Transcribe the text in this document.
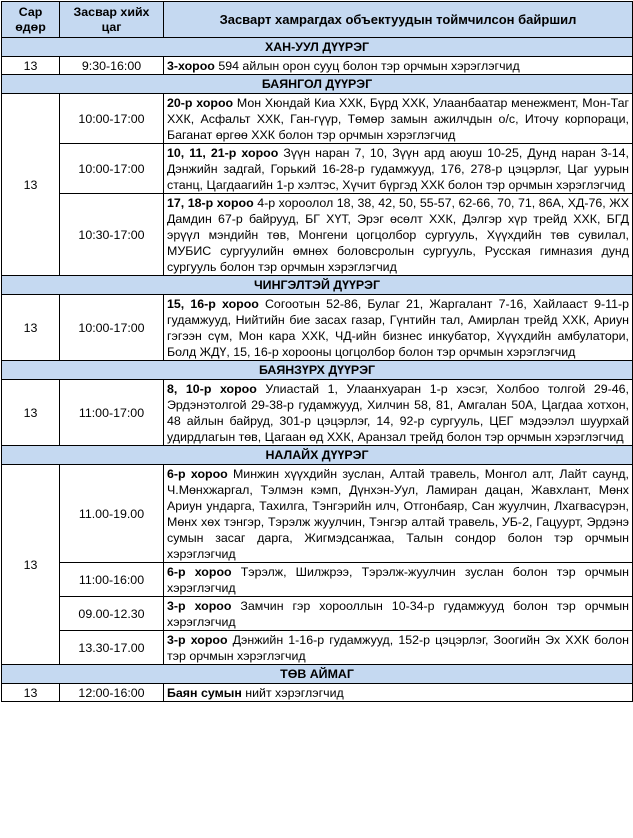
Сар өдөр	Засвар хийх цаг	Засварт хамрагдах объектуудын тоймчилсон байршил
ХАН-УУЛ ДҮҮРЭГ		
13	9:30-16:00	3-хороо 594 айлын орон сууц болон тэр орчмын хэрэглэгчид
БАЯНГОЛ ДҮҮРЭГ		
13	10:00-17:00	20-р хороо Мон Хюндай Киа ХХК, Бүрд ХХК, Улаанбаатар менежмент, Мон-Таг ХХК, Асфальт ХХК, Ган-гүүр, Төмөр замын ажилчдын о/с, Иточу корпораци, Баганат өргөө ХХК болон тэр орчмын хэрэглэгчид
	10:00-17:00	10, 11, 21-р хороо Зүүн наран 7, 10, Зүүн ард аюуш 10-25, Дунд наран 3-14, Дэнжийн задгай, Горький 16-28-р гудамжууд, 176, 278-р цэцэрлэг, Цаг уурын станц, Цагдаагийн 1-р хэлтэс, Хүчит бүргэд ХХК болон тэр орчмын хэрэглэгчид
	10:30-17:00	17, 18-р хороо 4-р хороолол 18, 38, 42, 50, 55-57, 62-66, 70, 71, 86А, ХД-76, ЖХ Дамдин 67-р байрууд, БГ ХҮТ, Эрэг өсөлт ХХК, Дэлгэр хүр трейд ХХК, БГД эрүүл мэндийн төв, Монгени цогцолбор сургууль, Хүүхдийн төв сувилал, МУБИС сургуулийн өмнөх боловсролын сургууль, Русская гимназия дунд сургууль болон тэр орчмын хэрэглэгчид
ЧИНГЭЛТЭЙ ДҮҮРЭГ		
13	10:00-17:00	15, 16-р хороо Согоотын 52-86, Булаг 21, Жаргалант 7-16, Хайлааст 9-11-р гудамжууд, Нийтийн бие засах газар, Гүнтийн тал, Амирлан трейд ХХК, Ариун гэгээн сүм, Мон кара ХХК, ЧД-ийн бизнес инкубатор, Хүүхдийн амбулатори, Болд ЖДҮ, 15, 16-р хорооны цогцолбор болон тэр орчмын хэрэглэгчид
БАЯНЗҮРХ ДҮҮРЭГ		
13	11:00-17:00	8, 10-р хороо Улиастай 1, Улаанхуаран 1-р хэсэг, Холбоо толгой 29-46, Эрдэнэтолгой 29-38-р гудамжууд, Хилчин 58, 81, Амгалан 50А, Цагдаа хотхон, 48 айлын байруд, 301-р цэцэрлэг, 14, 92-р сургууль, ЦЕГ мэдээлэл шуурхай удирдлагын төв, Цагаан өд ХХК, Аранзал трейд болон тэр орчмын хэрэглэгчид
НАЛАЙХ ДҮҮРЭГ		
13	11.00-19.00	6-р хороо Минжин хүүхдийн зуслан, Алтай травель, Монгол алт, Лайт саунд, Ч.Мөнхжаргал, Тэлмэн кэмп, Дүнхэн-Уул, Ламиран дацан, Жавхлант, Мөнх Ариун ундарга, Тахилга, Тэнгэрийн илч, Отгонбаяр, Сан жуулчин, Лхагвасүрэн, Мөнх хөх тэнгэр, Тэрэлж жуулчин, Тэнгэр алтай травель, УБ-2, Гацуурт, Эрдэнэ сумын засаг дарга, Жигмэдсанжаа, Талын сондор болон тэр орчмын хэрэглэгчид
	11:00-16:00	6-р хороо Тэрэлж, Шилжрээ, Тэрэлж-жуулчин зуслан болон тэр орчмын хэрэглэгчид
	09.00-12.30	3-р хороо Замчин гэр хорооллын 10-34-р гудамжууд болон тэр орчмын хэрэглэгчид
	13.30-17.00	3-р хороо Дэнжийн 1-16-р гудамжууд, 152-р цэцэрлэг, Зоогийн Эх ХХК болон тэр орчмын хэрэглэгчид
ТӨВ АЙМАГ		
13	12:00-16:00	Баян сумын нийт хэрэглэгчид
